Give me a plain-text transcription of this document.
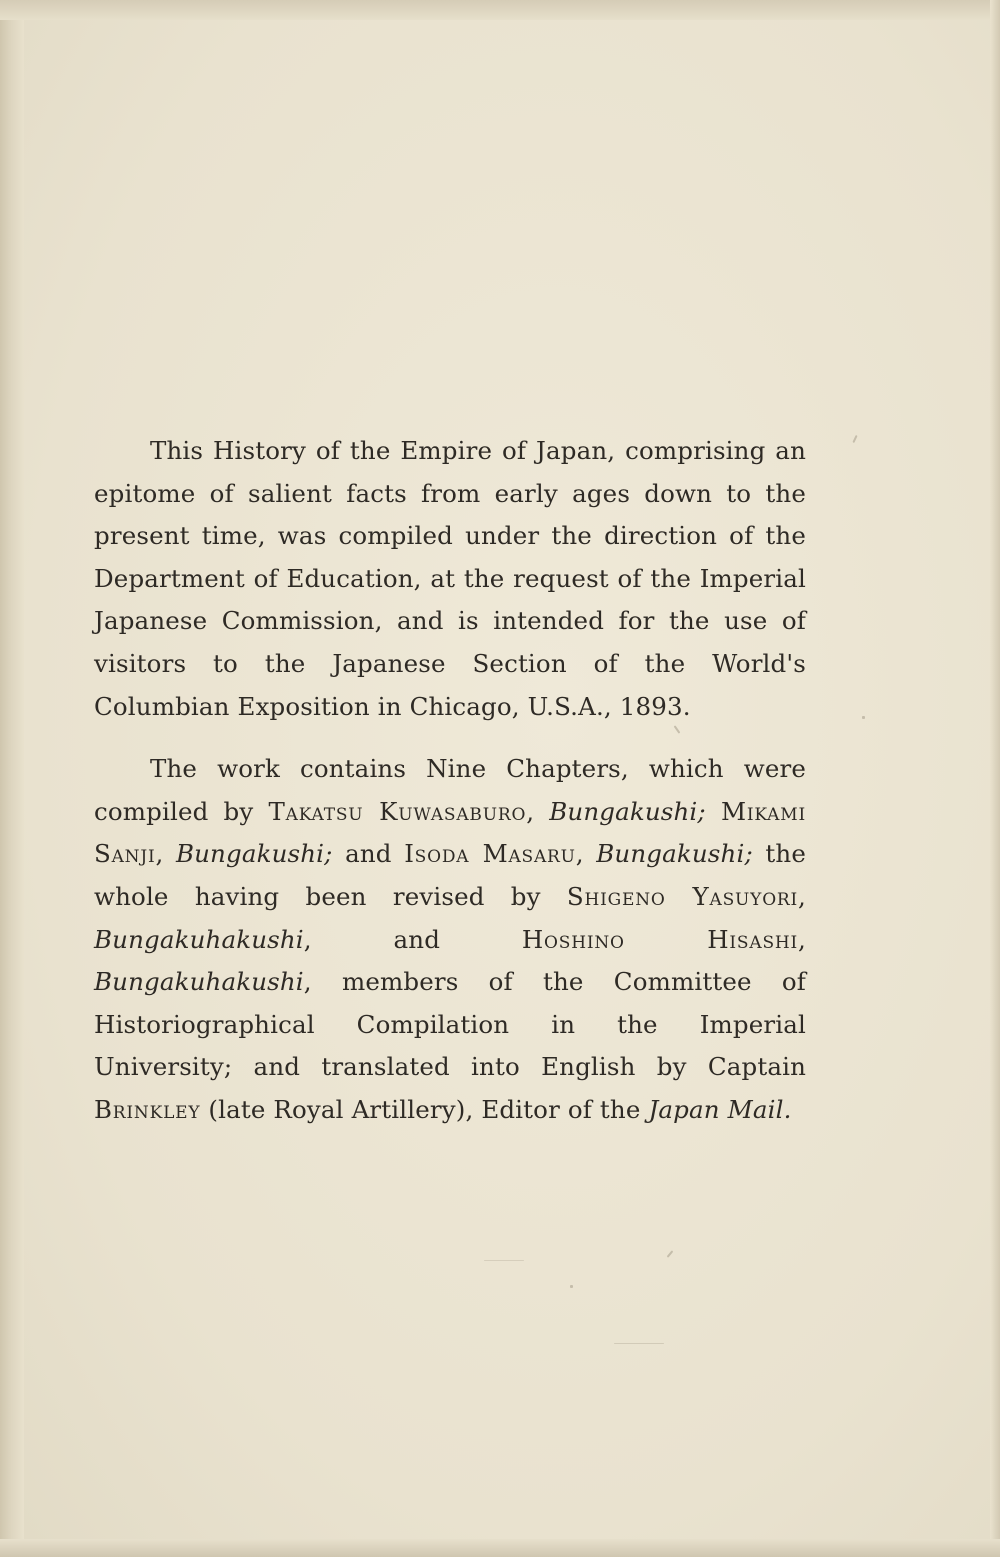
This History of the Empire of Japan, comprising an epitome of salient facts from early ages down to the present time, was compiled under the direction of the Department of Education, at the request of the Imperial Japanese Commission, and is intended for the use of visitors to the Japanese Section of the World's Columbian Exposition in Chicago, U.S.A., 1893.

The work contains Nine Chapters, which were compiled by Takatsu Kuwasaburo, Bungakushi; Mikami Sanji, Bungakushi; and Isoda Masaru, Bungakushi; the whole having been revised by Shigeno Yasuyori, Bungakuhakushi, and	Hoshino Hisashi, Bungakuhakushi, members of the Committee of Historiographical Compilation in the Imperial University; and translated into English by Captain Brinkley (late Royal Artillery), Editor of the Japan Mail.
